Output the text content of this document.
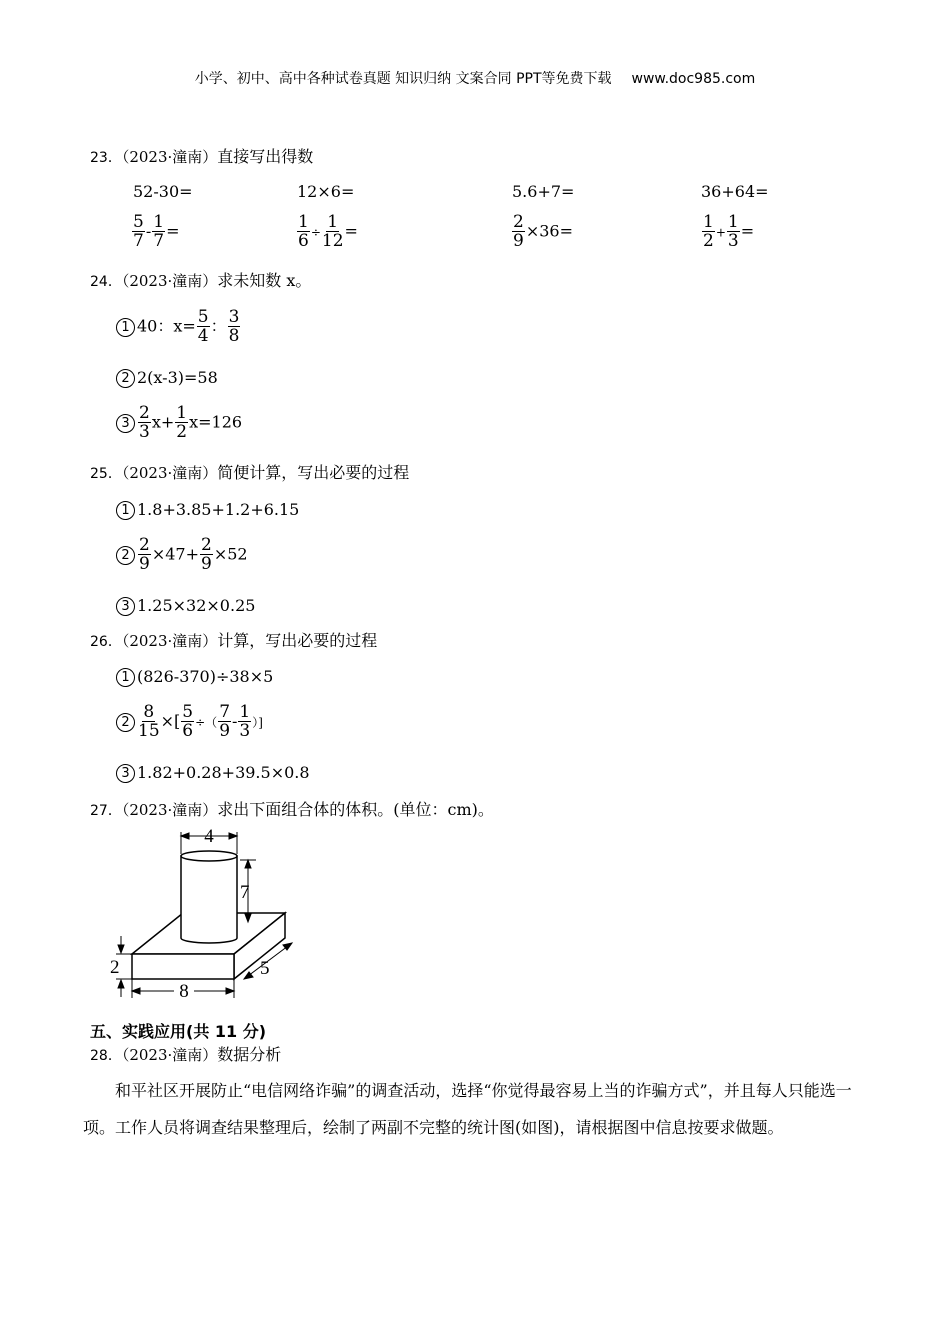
小学、初中、高中各种试卷真题 知识归纳 文案合同 PPT等免费下载 www.doc985.com
23．（2023·潼南）直接写出得数
52-30=	12×6=	5.6+7=	36+64=
$\frac{5}{7} - \frac{1}{7}$ =	$\frac{1}{6} \div \frac{1}{12}$ =	$\frac{2}{9} \times 36=$	$\frac{1}{2} + \frac{1}{3}$ =
24．（2023·潼南）求未知数 x。
1 40：$x= \frac{5}{4}$ ： $\frac{3}{8}$
2 2(x-3)=58
$3 \frac{2}{3} x+ \frac{1}{2} x=126$
25．（2023·潼南）简便计算，写出必要的过程
1 1.8+3.85+1.2+6.15
$2 \frac{2}{9} \times 47+ \frac{2}{9} \times 52$
3 1.25×32×0.25
26．（2023·潼南）计算，写出必要的过程
1 (826-370)÷38×5
$2 \frac{8}{15}$ ×[ $\frac{5}{6}$ ÷（ $\frac{7}{9} - \frac{1}{3}$ ）]
3 1.82+0.28+39.5×0.8
27．（2023·潼南）求出下面组合体的体积。(单位：cm)。
4
7
2
8
5
五、实践应用(共 11 分)
28．（2023·潼南）数据分析
和平社区开展防止“电信网络诈骗”的调查活动，选择“你觉得最容易上当的诈骗方式”，并且每人只能选一项。工作人员将调查结果整理后，绘制了两副不完整的统计图(如图)，请根据图中信息按要求做题。
